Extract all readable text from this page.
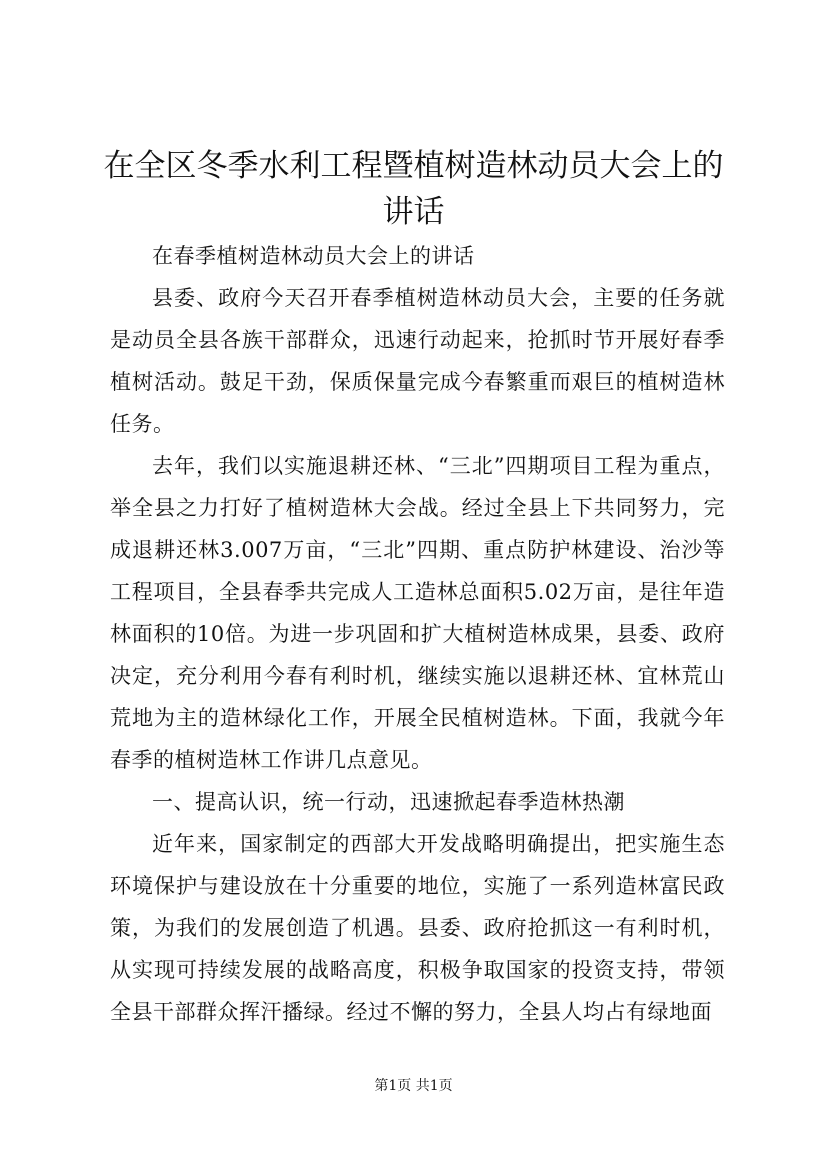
在全区冬季水利工程暨植树造林动员大会上的讲话

在春季植树造林动员大会上的讲话

县委、政府今天召开春季植树造林动员大会，主要的任务就是动员全县各族干部群众，迅速行动起来，抢抓时节开展好春季植树活动。鼓足干劲，保质保量完成今春繁重而艰巨的植树造林任务。

去年，我们以实施退耕还林、“三北”四期项目工程为重点，举全县之力打好了植树造林大会战。经过全县上下共同努力，完成退耕还林3.007万亩，“三北”四期、重点防护林建设、治沙等工程项目，全县春季共完成人工造林总面积5.02万亩，是往年造林面积的10倍。为进一步巩固和扩大植树造林成果，县委、政府决定，充分利用今春有利时机，继续实施以退耕还林、宜林荒山荒地为主的造林绿化工作，开展全民植树造林。下面，我就今年春季的植树造林工作讲几点意见。

一、提高认识，统一行动，迅速掀起春季造林热潮

近年来，国家制定的西部大开发战略明确提出，把实施生态环境保护与建设放在十分重要的地位，实施了一系列造林富民政策，为我们的发展创造了机遇。县委、政府抢抓这一有利时机，从实现可持续发展的战略高度，积极争取国家的投资支持，带领全县干部群众挥汗播绿。经过不懈的努力，全县人均占有绿地面

第1页 共1页
